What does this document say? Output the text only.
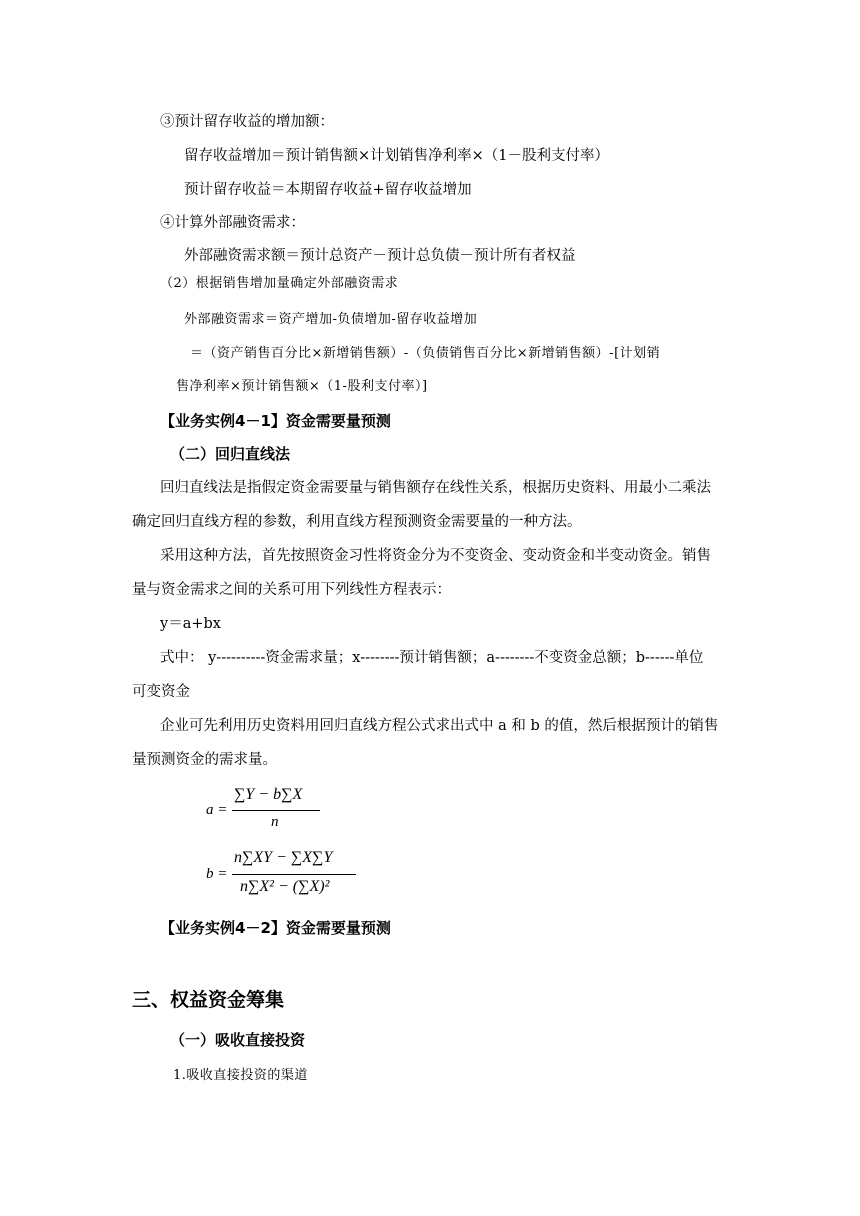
③预计留存收益的增加额：
留存收益增加＝预计销售额×计划销售净利率×（1－股利支付率）
预计留存收益＝本期留存收益+留存收益增加
④计算外部融资需求：
外部融资需求额＝预计总资产－预计总负债－预计所有者权益
（2）根据销售增加量确定外部融资需求
外部融资需求＝资产增加-负债增加-留存收益增加
＝（资产销售百分比×新增销售额）-（负债销售百分比×新增销售额）-[计划销
售净利率×预计销售额×（1-股利支付率）]
【业务实例4－1】资金需要量预测
（二）回归直线法
回归直线法是指假定资金需要量与销售额存在线性关系，根据历史资料、用最小二乘法
确定回归直线方程的参数，利用直线方程预测资金需要量的一种方法。
采用这种方法，首先按照资金习性将资金分为不变资金、变动资金和半变动资金。销售
量与资金需求之间的关系可用下列线性方程表示：
y＝a+bx
式中： y----------资金需求量；x--------预计销售额；a--------不变资金总额；b------单位
可变资金
企业可先利用历史资料用回归直线方程公式求出式中 a 和 b 的值，然后根据预计的销售
量预测资金的需求量。
a =
∑Y − b∑X
n
b =
n∑XY − ∑X∑Y
n∑X² − (∑X)²
【业务实例4－2】资金需要量预测
三、权益资金筹集
（一）吸收直接投资
1.吸收直接投资的渠道
